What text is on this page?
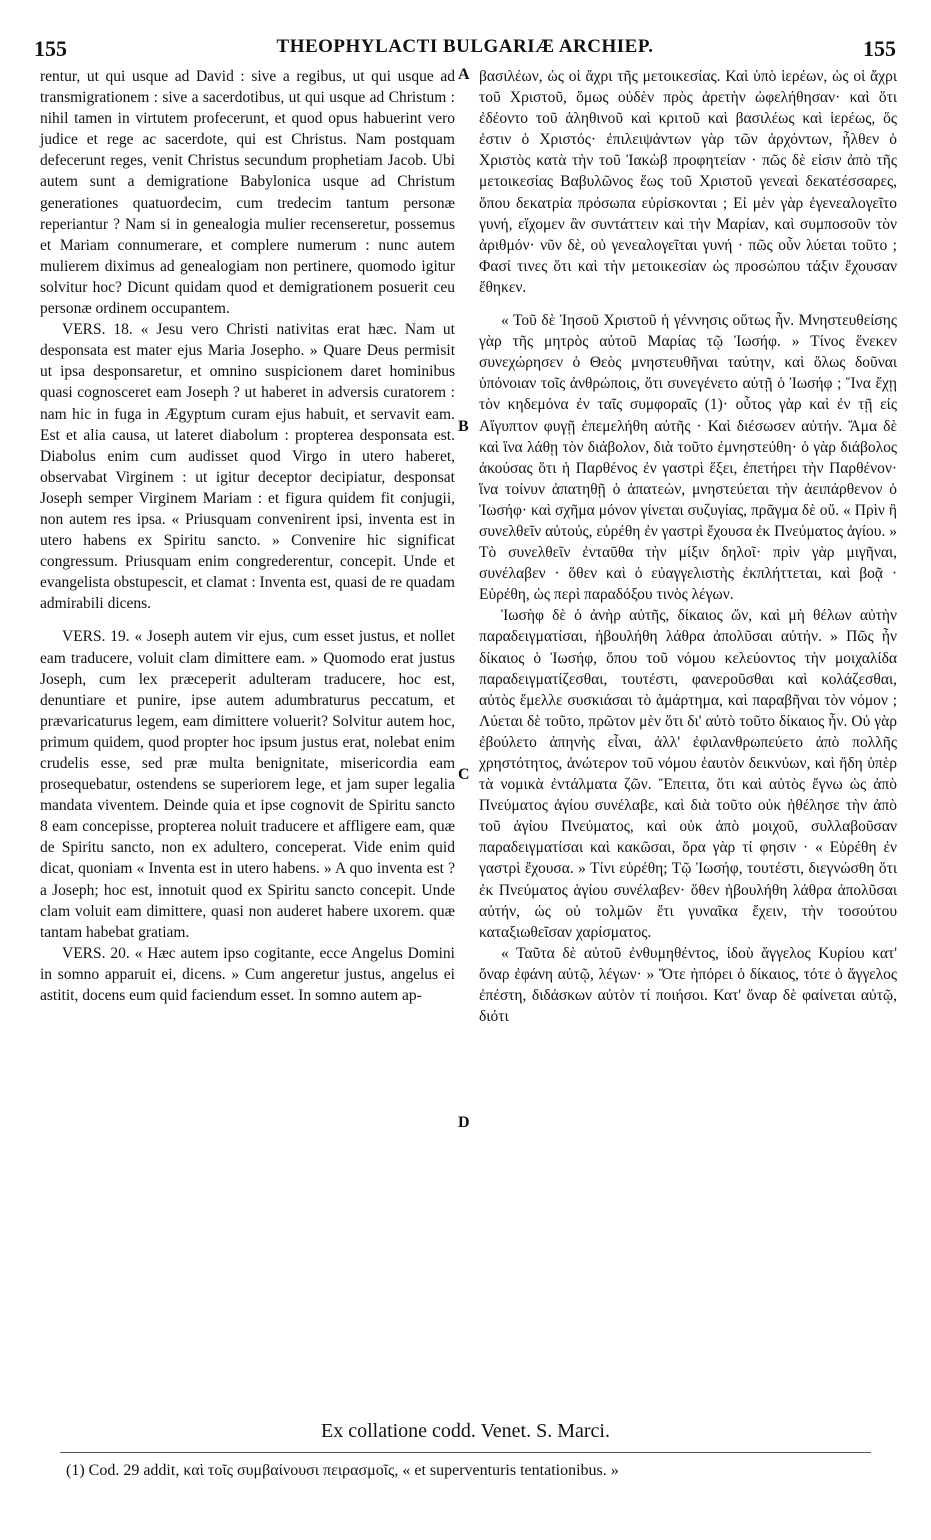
155	THEOPHYLACTI BULGARIÆ ARCHIEP.	155

rentur, ut qui usque ad David : sive a regibus, ut qui usque ad transmigrationem : sive a sacerdotibus, ut qui usque ad Christum : nihil tamen in virtutem profecerunt, et quod opus habuerint vero judice et rege ac sacerdote, qui est Christus. Nam postquam defecerunt reges, venit Christus secundum prophetiam Jacob. Ubi autem sunt a demigratione Babylonica usque ad Christum generationes quatuordecim, cum tredecim tantum personæ reperiantur ? Nam si in genealogia mulier recenseretur, possemus et Mariam connumerare, et complere numerum : nunc autem mulierem diximus ad genealogiam non pertinere, quomodo igitur solvitur hoc? Dicunt quidam quod et demigrationem posuerit ceu personæ ordinem occupantem.

VERS. 18. « Jesu vero Christi nativitas erat hæc. Nam ut desponsata est mater ejus Maria Josepho. » Quare Deus permisit ut ipsa desponsaretur, et omnino suspicionem daret hominibus quasi cognosceret eam Joseph ? ut haberet in adversis curatorem : nam hic in fuga in Ægyptum curam ejus habuit, et servavit eam. Est et alia causa, ut lateret diabolum : propterea desponsata est. Diabolus enim cum audisset quod Virgo in utero haberet, observabat Virginem : ut igitur deceptor decipiatur, desponsat Joseph semper Virginem Mariam : et figura quidem fit conjugii, non autem res ipsa. « Priusquam convenirent ipsi, inventa est in utero habens ex Spiritu sancto. » Convenire hic significat congressum. Priusquam enim congrederentur, concepit. Unde et evangelista obstupescit, et clamat : Inventa est, quasi de re quadam admirabili dicens.

VERS. 19. « Joseph autem vir ejus, cum esset justus, et nollet eam traducere, voluit clam dimittere eam. » Quomodo erat justus Joseph, cum lex præceperit adulteram traducere, hoc est, denuntiare et punire, ipse autem adumbraturus peccatum, et prævaricaturus legem, eam dimittere voluerit? Solvitur autem hoc, primum quidem, quod propter hoc ipsum justus erat, nolebat enim crudelis esse, sed præ multa benignitate, misericordia eam prosequebatur, ostendens se superiorem lege, et jam super legalia mandata viventem. Deinde quia et ipse cognovit de Spiritu sancto 8 eam concepisse, propterea noluit traducere et affligere eam, quæ de Spiritu sancto, non ex adultero, conceperat. Vide enim quid dicat, quoniam « Inventa est in utero habens. » A quo inventa est ? a Joseph; hoc est, innotuit quod ex Spiritu sancto concepit. Unde clam voluit eam dimittere, quasi non auderet habere uxorem. quæ tantam habebat gratiam.

VERS. 20. « Hæc autem ipso cogitante, ecce Angelus Domini in somno apparuit ei, dicens. » Cum angeretur justus, angelus ei astitit, docens eum quid faciendum esset. In somno autem ap-

A
B
C
D

βασιλέων, ὡς οἱ ἄχρι τῆς μετοικεσίας. Καὶ ὑπὸ ἱερέων, ὡς οἱ ἄχρι τοῦ Χριστοῦ, ὅμως οὐδὲν πρὸς ἀρετὴν ὠφελήθησαν· καὶ ὅτι ἐδέοντο τοῦ ἀληθινοῦ καὶ κριτοῦ καὶ βασιλέως καὶ ἱερέως, ὅς ἐστιν ὁ Χριστός· ἐπιλειψάντων γὰρ τῶν ἀρχόντων, ἦλθεν ὁ Χριστὸς κατὰ τὴν τοῦ Ἰακὼβ προφητείαν · πῶς δὲ εἰσιν ἀπὸ τῆς μετοικεσίας Βαβυλῶνος ἕως τοῦ Χριστοῦ γενεαὶ δεκατέσσαρες, ὅπου δεκατρία πρόσωπα εὑρίσκονται ; Εἰ μὲν γὰρ ἐγενεαλογεῖτο γυνή, εἴχομεν ἂν συντάττειν καὶ τὴν Μαρίαν, καὶ συμποσοῦν τὸν ἀριθμόν· νῦν δὲ, οὐ γενεαλογεῖται γυνή · πῶς οὖν λύεται τοῦτο ; Φασί τινες ὅτι καὶ τὴν μετοικεσίαν ὡς προσώπου τάξιν ἔχουσαν ἔθηκεν.

« Τοῦ δὲ Ἰησοῦ Χριστοῦ ἡ γέννησις οὕτως ἦν. Μνηστευθείσης γὰρ τῆς μητρὸς αὐτοῦ Μαρίας τῷ Ἰωσήφ. » Τίνος ἕνεκεν συνεχώρησεν ὁ Θεὸς μνηστευθῆναι ταύτην, καὶ ὅλως δοῦναι ὑπόνοιαν τοῖς ἀνθρώποις, ὅτι συνεγένετο αὐτῇ ὁ Ἰωσήφ ; Ἵνα ἔχῃ τὸν κηδεμόνα ἐν ταῖς συμφοραῖς (1)· οὗτος γὰρ καὶ ἐν τῇ εἰς Αἴγυπτον φυγῇ ἐπεμελήθη αὐτῆς · Καὶ διέσωσεν αὐτήν. Ἅμα δὲ καὶ ἵνα λάθῃ τὸν διάβολον, διὰ τοῦτο ἐμνηστεύθη· ὁ γὰρ διάβολος ἀκούσας ὅτι ἡ Παρθένος ἐν γαστρὶ ἕξει, ἐπετήρει τὴν Παρθένον· ἵνα τοίνυν ἀπατηθῇ ὁ ἀπατεών, μνηστεύεται τὴν ἀειπάρθενον ὁ Ἰωσήφ· καὶ σχῆμα μόνον γίνεται συζυγίας, πρᾶγμα δὲ οὔ. « Πρὶν ἢ συνελθεῖν αὐτούς, εὑρέθη ἐν γαστρὶ ἔχουσα ἐκ Πνεύματος ἁγίου. » Τὸ συνελθεῖν ἐνταῦθα τὴν μίξιν δηλοῖ· πρὶν γὰρ μιγῆναι, συνέλαβεν · ὅθεν καὶ ὁ εὐαγγελιστὴς ἐκπλήττεται, καὶ βοᾷ · Εὑρέθη, ὡς περὶ παραδόξου τινὸς λέγων.

Ἰωσὴφ δὲ ὁ ἀνὴρ αὐτῆς, δίκαιος ὤν, καὶ μὴ θέλων αὐτὴν παραδειγματίσαι, ἠβουλήθη λάθρα ἀπολῦσαι αὐτήν. » Πῶς ἦν δίκαιος ὁ Ἰωσήφ, ὅπου τοῦ νόμου κελεύοντος τὴν μοιχαλίδα παραδειγματίζεσθαι, τουτέστι, φανεροῦσθαι καὶ κολάζεσθαι, αὐτὸς ἔμελλε συσκιάσαι τὸ ἁμάρτημα, καὶ παραβῆναι τὸν νόμον ; Λύεται δὲ τοῦτο, πρῶτον μὲν ὅτι δι' αὐτὸ τοῦτο δίκαιος ἦν. Οὐ γὰρ ἐβούλετο ἀπηνὴς εἶναι, ἀλλ' ἐφιλανθρωπεύετο ἀπὸ πολλῆς χρηστότητος, ἀνώτερον τοῦ νόμου ἑαυτὸν δεικνύων, καὶ ἤδη ὑπὲρ τὰ νομικὰ ἐντάλματα ζῶν. Ἔπειτα, ὅτι καὶ αὐτὸς ἔγνω ὡς ἀπὸ Πνεύματος ἁγίου συνέλαβε, καὶ διὰ τοῦτο οὐκ ἠθέλησε τὴν ἀπὸ τοῦ ἁγίου Πνεύματος, καὶ οὐκ ἀπὸ μοιχοῦ, συλλαβοῦσαν παραδειγματίσαι καὶ κακῶσαι, ὅρα γὰρ τί φησιν · « Εὑρέθη ἐν γαστρὶ ἔχουσα. » Τίνι εὑρέθη; Τῷ Ἰωσήφ, τουτέστι, διεγνώσθη ὅτι ἐκ Πνεύματος ἁγίου συνέλαβεν· ὅθεν ἠβουλήθη λάθρα ἀπολῦσαι αὐτήν, ὡς οὐ τολμῶν ἔτι γυναῖκα ἔχειν, τὴν τοσούτου καταξιωθεῖσαν χαρίσματος.

« Ταῦτα δὲ αὐτοῦ ἐνθυμηθέντος, ἰδοὺ ἄγγελος Κυρίου κατ' ὄναρ ἐφάνη αὐτῷ, λέγων· » Ὅτε ἠπόρει ὁ δίκαιος, τότε ὁ ἄγγελος ἐπέστη, διδάσκων αὐτὸν τί ποιήσοι. Κατ' ὄναρ δὲ φαίνεται αὐτῷ, διότι

Ex collatione codd. Venet. S. Marci.
(1) Cod. 29 addit, καὶ τοῖς συμβαίνουσι πειρασμοῖς, « et superventuris tentationibus. »
